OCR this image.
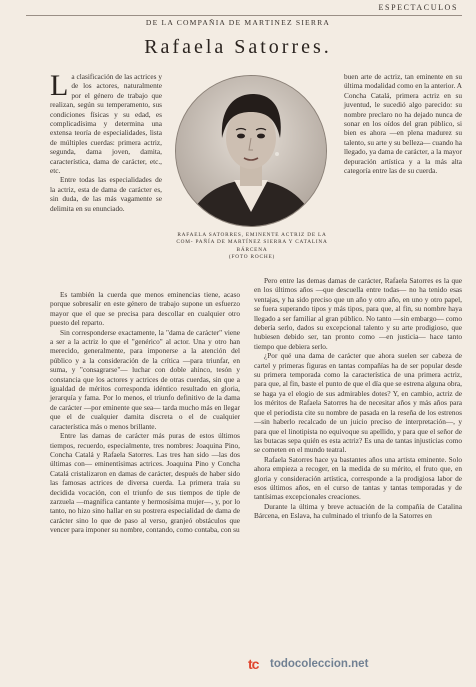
ESPECTACULOS
DE LA COMPAÑIA DE MARTINEZ SIERRA
Rafaela Satorres.

La clasificación de las actrices y de los actores, naturalmente por el género de trabajo que realizan, según su temperamento, sus condiciones físicas y su edad, es complicadísima y determina una extensa teoría de especialidades, lista de múltiples cuerdas: primera actriz, segunda, dama joven, damita, característica, dama de carácter, etc., etc.

Entre todas las especialidades de la actriz, esta de dama de carácter es, sin duda, de las más vagamente se delimita en su enunciado.

RAFAELA SATORRES, EMINENTE ACTRIZ DE LA COM- PAÑÍA DE MARTÍNEZ SIERRA Y CATALINA BÁRCENA
(FOTO ROCHE)

Es también la cuerda que menos eminencias tiene, acaso porque sobresalir en este género de trabajo supone un esfuerzo mayor que el que se precisa para descollar en cualquier otro puesto del reparto.

Sin corresponderse exactamente, la "dama de carácter" viene a ser a la actriz lo que el "genérico" al actor. Una y otro han merecido, generalmente, para imponerse a la atención del público y a la consideración de la crítica —para triunfar, en suma, y "consagrarse"— luchar con doble ahinco, tesón y constancia que los actores y actrices de otras cuerdas, sin que a igualdad de méritos corresponda idéntico resultado en gloria, jerarquía y fama. Por lo menos, el triunfo definitivo de la dama de carácter —por eminente que sea— tarda mucho más en llegar que el de cualquier damita discreta o el de cualquier característica más o menos brillante.

Entre las damas de carácter más puras de estos últimos tiempos, recuerdo, especialmente, tres nombres: Joaquina Pino, Concha Catalá y Rafaela Satorres. Las tres han sido —las dos últimas con— eminentísimas actrices. Joaquina Pino y Concha Catalá cristalizaron en damas de carácter, después de haber sido las famosas actrices de diversa cuerda. La primera traía su decidida vocación, con el triunfo de sus tiempos de tiple de zarzuela —magnífica cantante y hermosísima mujer—, y, por lo tanto, no hizo sino hallar en su postrera especialidad de dama de carácter sino lo que de paso al verso, granjeó obstáculos que vencer para imponer su nombre, contando, como contaba, con su

buen arte de actriz, tan eminente en su última modalidad como en la anterior. A Concha Catalá, primera actriz en su juventud, le sucedió algo parecido: su nombre preclaro no ha dejado nunca de sonar en los oídos del gran público, si bien es ahora —en plena madurez su talento, su arte y su belleza— cuando ha llegado, ya dama de carácter, a la mayor depuración artística y a la más alta categoría entre las de su cuerda.

Pero entre las demas damas de carácter, Rafaela Satorres es la que en los últimos años —que descuella entre todas— no ha tenido esas ventajas, y ha sido preciso que un año y otro año, en uno y otro papel, se fuera superando tipos y más tipos, para que, al fin, su nombre haya llegado a ser familiar al gran público. No tanto —sin embargo— como debería serlo, dados su excepcional talento y su arte prodigioso, que hubiesen debido ser, tan pronto como —en justicia— hace tanto tiempo que debiera serlo.

¿Por qué una dama de carácter que ahora suelen ser cabeza de cartel y primeras figuras en tantas compañías ha de ser popular desde su primera temporada como la característica de una primera actriz, para que, al fin, baste el punto de que el día que se estrena alguna obra, se haga ya el elogio de sus admirables dotes? Y, en cambio, actriz de los méritos de Rafaela Satorres ha de necesitar años y más años para que el periodista cite su nombre de pasada en la reseña de los estrenos —sin haberlo recalcado de un juicio preciso de interpretación—, y para que el linotipista no equivoque su apellido, y para que el señor de las butacas sepa quién es esta actriz? Es una de tantas injusticias como se cometen en el mundo teatral.

Rafaela Satorres hace ya bastantes años una artista eminente. Solo ahora empieza a recoger, en la medida de su mérito, el fruto que, en gloria y consideración artística, corresponde a la prodigiosa labor de esos últimos años, en el curso de tantas y tantas temporadas y de tantísimas excepcionales creaciones.

Durante la última y breve actuación de la compañía de Catalina Bárcena, en Eslava, ha culminado el triunfo de la Satorres en

tc	todocoleccion.net
